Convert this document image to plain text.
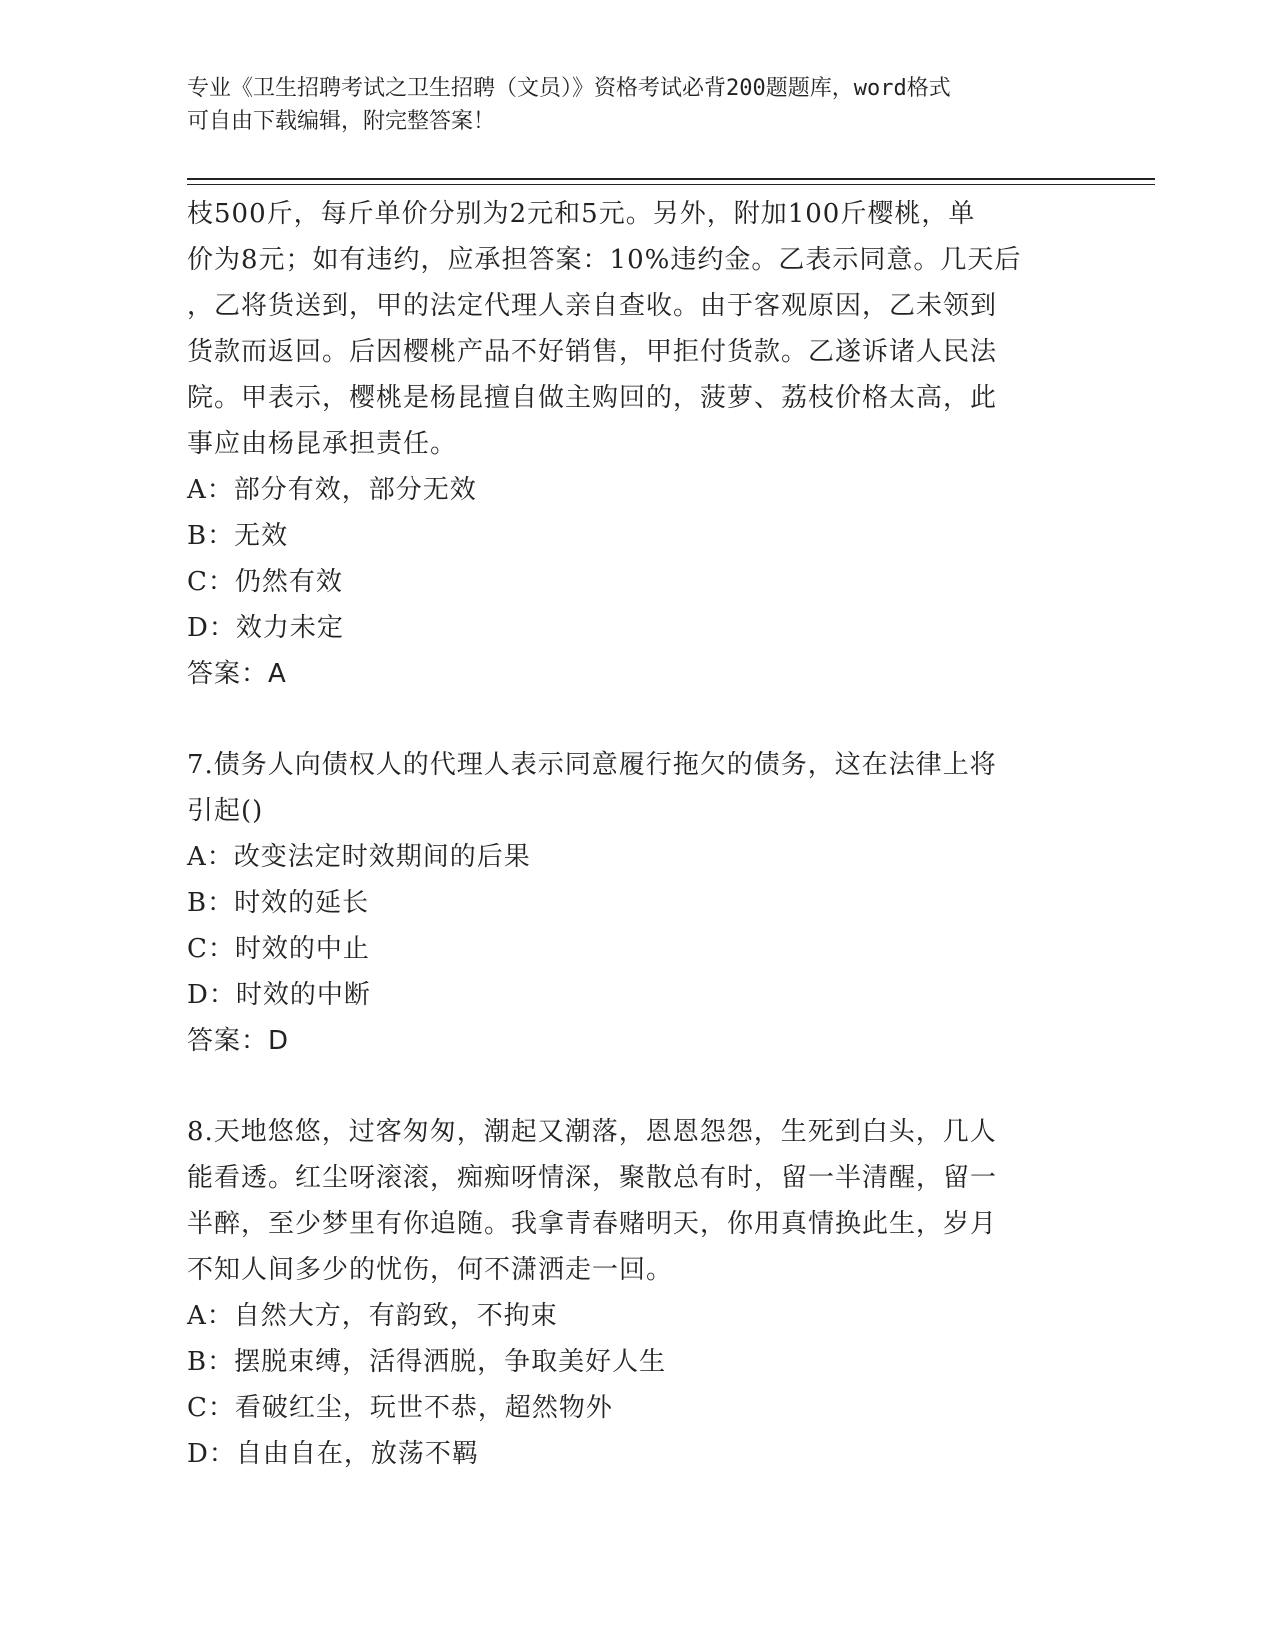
专业《卫生招聘考试之卫生招聘（文员）》资格考试必背200题题库，word格式
可自由下载编辑，附完整答案！
枝500斤，每斤单价分别为2元和5元。另外，附加100斤樱桃，单
价为8元；如有违约，应承担答案：10%违约金。乙表示同意。几天后
，乙将货送到，甲的法定代理人亲自查收。由于客观原因，乙未领到
货款而返回。后因樱桃产品不好销售，甲拒付货款。乙遂诉诸人民法
院。甲表示，樱桃是杨昆擅自做主购回的，菠萝、荔枝价格太高，此
事应由杨昆承担责任。
A：部分有效，部分无效
B：无效
C：仍然有效
D：效力未定
答案：A
7.债务人向债权人的代理人表示同意履行拖欠的债务，这在法律上将
引起()
A：改变法定时效期间的后果
B：时效的延长
C：时效的中止
D：时效的中断
答案：D
8.天地悠悠，过客匆匆，潮起又潮落，恩恩怨怨，生死到白头，几人
能看透。红尘呀滚滚，痴痴呀情深，聚散总有时，留一半清醒，留一
半醉，至少梦里有你追随。我拿青春赌明天，你用真情换此生，岁月
不知人间多少的忧伤，何不潇洒走一回。
A：自然大方，有韵致，不拘束
B：摆脱束缚，活得洒脱，争取美好人生
C：看破红尘，玩世不恭，超然物外
D：自由自在，放荡不羁
